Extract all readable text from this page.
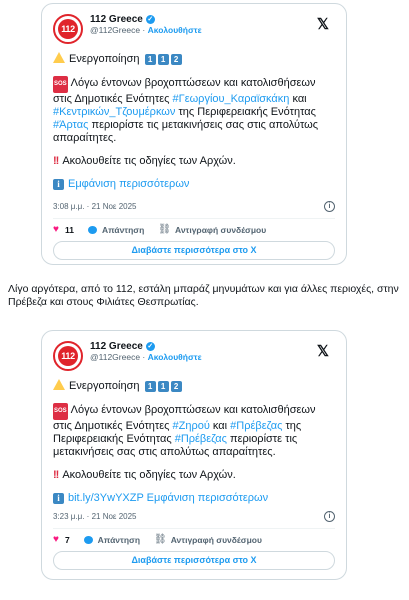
112
112 Greece ✓
@112Greece · Ακολουθήστε	𝕏
Ενεργοποίηση 1 1 2
SOS Λόγω έντονων βροχοπτώσεων και κατολισθήσεων στις Δημοτικές Ενότητες #Γεωργίου_Καραϊσκάκη και #Κεντρικών_Τζουμέρκων της Περιφερειακής Ενότητας #Άρτας περιορίστε τις μετακινήσεις σας στις απολύτως απαραίτητες.
!! Ακολουθείτε τις οδηγίες των Αρχών.
i Εμφάνιση περισσότερων
3:08 μ.μ. · 21 Νοε 2025	i
♥ 11	Απάντηση ⛓ Αντιγραφή συνδέσμου
Διαβάστε περισσότερα στο X
Λίγο αργότερα, από το 112, εστάλη μπαράζ μηνυμάτων και για άλλες περιοχές, στην Πρέβεζα και στους Φιλιάτες Θεσπρωτίας.
112
112 Greece ✓
@112Greece · Ακολουθήστε	𝕏
Ενεργοποίηση 1 1 2
SOS Λόγω έντονων βροχοπτώσεων και κατολισθήσεων στις Δημοτικές Ενότητες #Ζηρού και #Πρέβεζας της Περιφερειακής Ενότητας #Πρέβεζας περιορίστε τις μετακινήσεις σας στις απολύτως απαραίτητες.
!! Ακολουθείτε τις οδηγίες των Αρχών.
i bit.ly/3YwYXZP Εμφάνιση περισσότερων
3:23 μ.μ. · 21 Νοε 2025	i
♥ 7	Απάντηση ⛓ Αντιγραφή συνδέσμου
Διαβάστε περισσότερα στο X
